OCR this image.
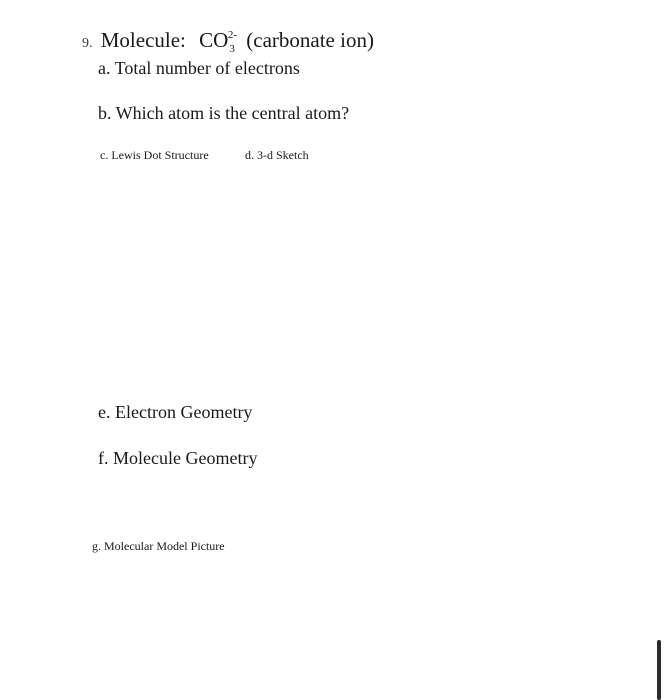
9. Molecule: $CO_3^{2-}$ (carbonate ion)
a. Total number of electrons
b. Which atom is the central atom?
c. Lewis Dot Structure	d. 3-d Sketch
e. Electron Geometry
f. Molecule Geometry
g. Molecular Model Picture
